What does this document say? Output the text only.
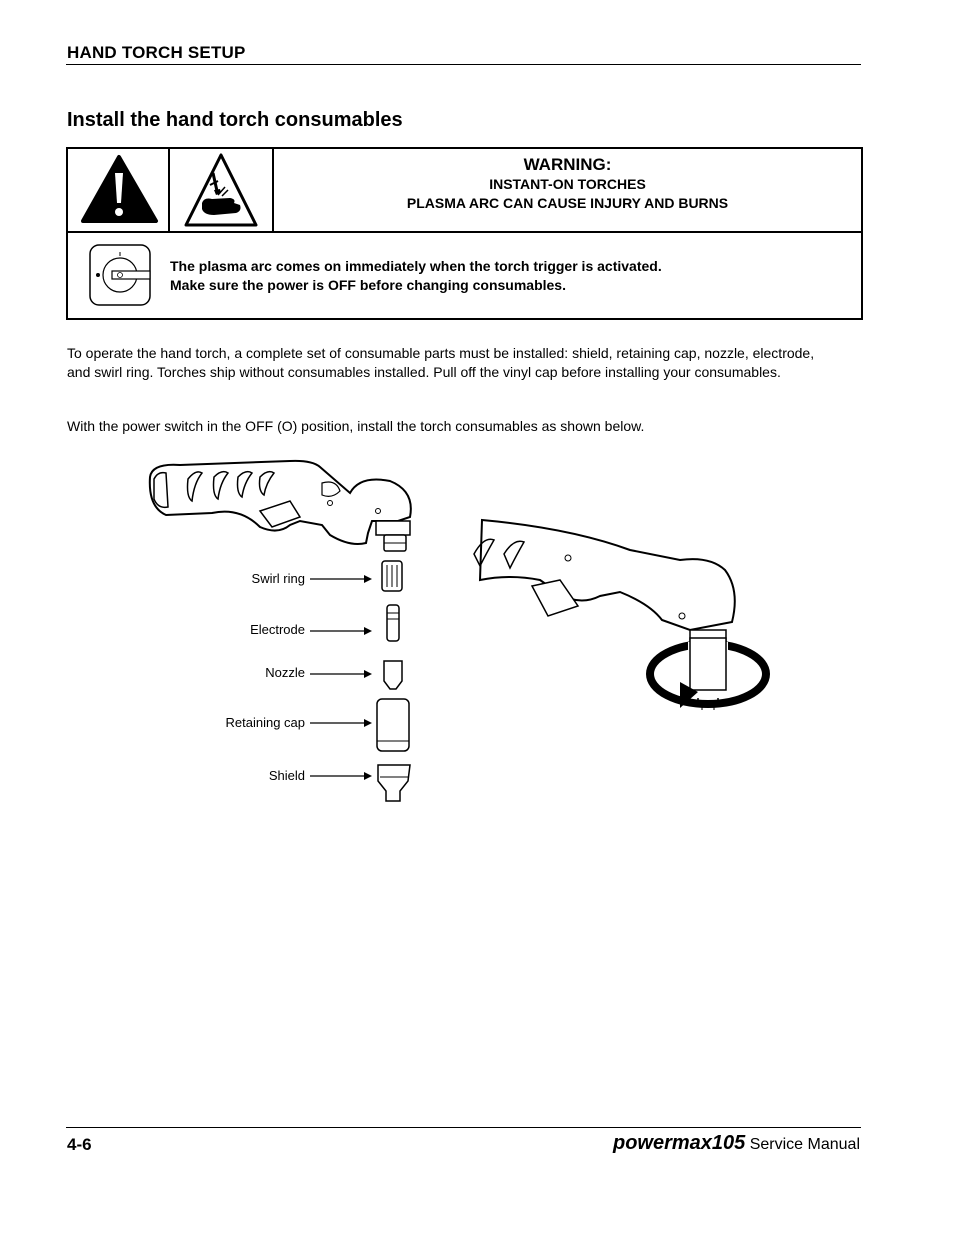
HAND TORCH SETUP
Install the hand torch consumables
WARNING:
INSTANT-ON TORCHES
PLASMA ARC CAN CAUSE INJURY AND BURNS
The plasma arc comes on immediately when the torch trigger is activated.
Make sure the power is OFF before changing consumables.
To operate the hand torch, a complete set of consumable parts must be installed: shield, retaining cap, nozzle, electrode, and swirl ring. Torches ship without consumables installed. Pull off the vinyl cap before installing your consumables.
With the power switch in the OFF (O) position, install the torch consumables as shown below.
Swirl ring
Electrode
Nozzle
Retaining cap
Shield
4-6	powermax105 Service Manual
